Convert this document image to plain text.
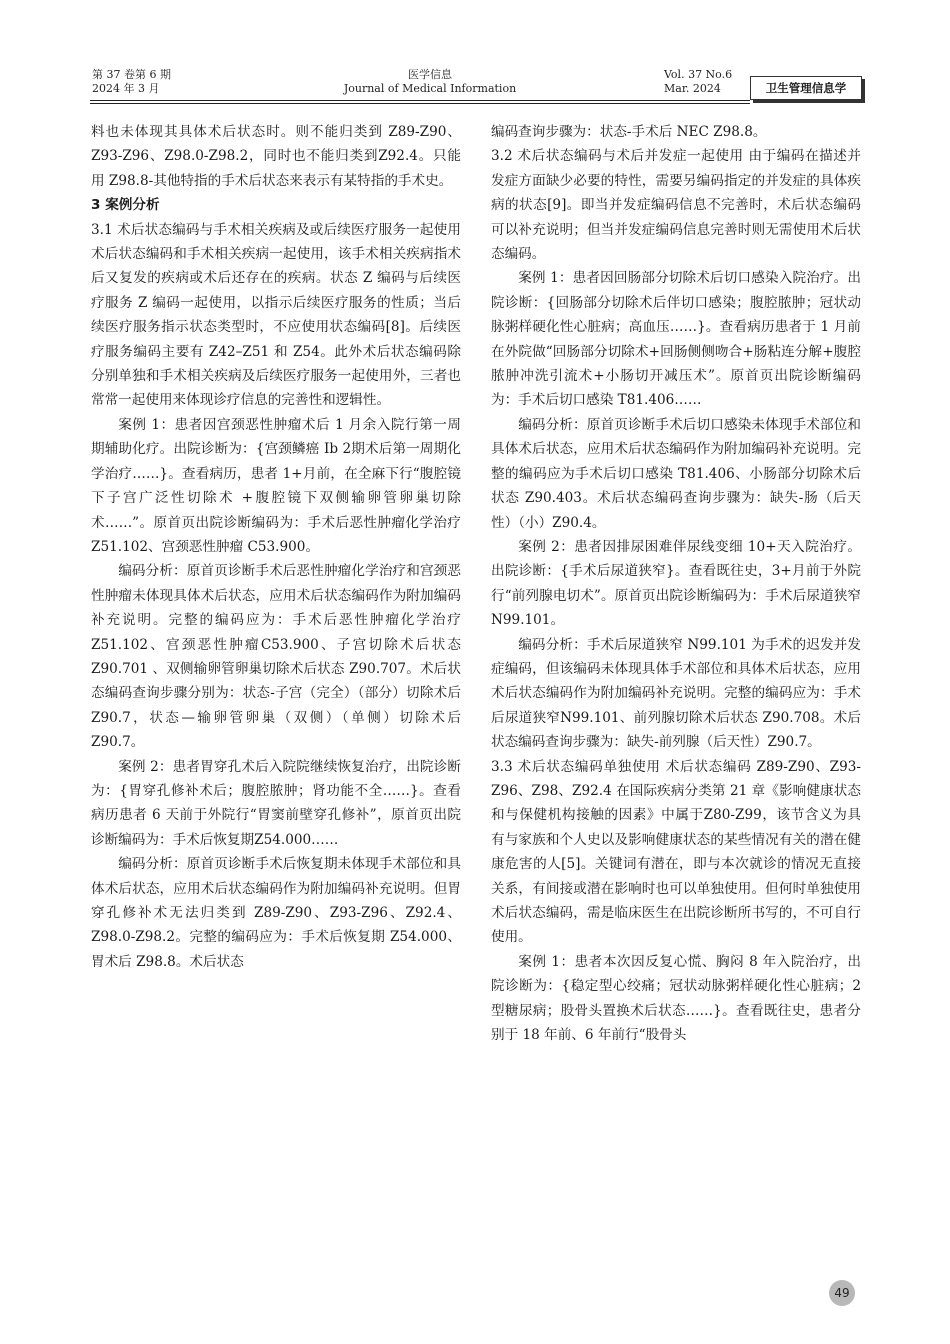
第 37 卷第 6 期
2024 年 3 月
医学信息
Journal of Medical Information
Vol. 37 No.6
Mar. 2024	卫生管理信息学

料也未体现其具体术后状态时。则不能归类到 Z89-Z90、Z93-Z96、Z98.0-Z98.2，同时也不能归类到Z92.4。只能用 Z98.8-其他特指的手术后状态来表示有某特指的手术史。

3 案例分析

3.1 术后状态编码与手术相关疾病及或后续医疗服务一起使用 术后状态编码和手术相关疾病一起使用，该手术相关疾病指术后又复发的疾病或术后还存在的疾病。状态 Z 编码与后续医疗服务 Z 编码一起使用，以指示后续医疗服务的性质；当后续医疗服务指示状态类型时，不应使用状态编码[8]。后续医疗服务编码主要有 Z42–Z51 和 Z54。此外术后状态编码除分别单独和手术相关疾病及后续医疗服务一起使用外，三者也常常一起使用来体现诊疗信息的完善性和逻辑性。

案例 1：患者因宫颈恶性肿瘤术后 1 月余入院行第一周期辅助化疗。出院诊断为：{宫颈鳞癌 Ib 2期术后第一周期化学治疗……}。查看病历，患者 1+月前，在全麻下行“腹腔镜下子宫广泛性切除术 +腹腔镜下双侧输卵管卵巢切除术……”。原首页出院诊断编码为：手术后恶性肿瘤化学治疗 Z51.102、宫颈恶性肿瘤 C53.900。

编码分析：原首页诊断手术后恶性肿瘤化学治疗和宫颈恶性肿瘤未体现具体术后状态，应用术后状态编码作为附加编码补充说明。完整的编码应为：手术后恶性肿瘤化学治疗 Z51.102、宫颈恶性肿瘤C53.900、子宫切除术后状态 Z90.701 、双侧输卵管卵巢切除术后状态 Z90.707。术后状态编码查询步骤分别为：状态-子宫（完全）（部分）切除术后Z90.7，状态—输卵管卵巢（双侧）（单侧）切除术后Z90.7。

案例 2：患者胃穿孔术后入院院继续恢复治疗，出院诊断为：{胃穿孔修补术后；腹腔脓肿；肾功能不全……}。查看病历患者 6 天前于外院行“胃窦前壁穿孔修补”，原首页出院诊断编码为：手术后恢复期Z54.000……

编码分析：原首页诊断手术后恢复期未体现手术部位和具体术后状态，应用术后状态编码作为附加编码补充说明。但胃穿孔修补术无法归类到 Z89-Z90、Z93-Z96、Z92.4、Z98.0-Z98.2。完整的编码应为：手术后恢复期 Z54.000、胃术后 Z98.8。术后状态

编码查询步骤为：状态-手术后 NEC Z98.8。

3.2 术后状态编码与术后并发症一起使用 由于编码在描述并发症方面缺少必要的特性，需要另编码指定的并发症的具体疾病的状态[9]。即当并发症编码信息不完善时，术后状态编码可以补充说明；但当并发症编码信息完善时则无需使用术后状态编码。

案例 1：患者因回肠部分切除术后切口感染入院治疗。出院诊断：{回肠部分切除术后伴切口感染；腹腔脓肿；冠状动脉粥样硬化性心脏病；高血压……}。查看病历患者于 1 月前在外院做“回肠部分切除术+回肠侧侧吻合+肠粘连分解+腹腔脓肿冲洗引流术+小肠切开减压术”。原首页出院诊断编码为：手术后切口感染 T81.406……

编码分析：原首页诊断手术后切口感染未体现手术部位和具体术后状态，应用术后状态编码作为附加编码补充说明。完整的编码应为手术后切口感染 T81.406、小肠部分切除术后状态 Z90.403。术后状态编码查询步骤为：缺失-肠（后天性）（小）Z90.4。

案例 2：患者因排尿困难伴尿线变细 10+天入院治疗。出院诊断：{手术后尿道狭窄}。查看既往史，3+月前于外院行“前列腺电切术”。原首页出院诊断编码为：手术后尿道狭窄 N99.101。

编码分析：手术后尿道狭窄 N99.101 为手术的迟发并发症编码，但该编码未体现具体手术部位和具体术后状态，应用术后状态编码作为附加编码补充说明。完整的编码应为：手术后尿道狭窄N99.101、前列腺切除术后状态 Z90.708。术后状态编码查询步骤为：缺失-前列腺（后天性）Z90.7。

3.3 术后状态编码单独使用 术后状态编码 Z89-Z90、Z93-Z96、Z98、Z92.4 在国际疾病分类第 21 章《影响健康状态和与保健机构接触的因素》中属于Z80-Z99，该节含义为具有与家族和个人史以及影响健康状态的某些情况有关的潜在健康危害的人[5]。关键词有潜在，即与本次就诊的情况无直接关系，有间接或潜在影响时也可以单独使用。但何时单独使用术后状态编码，需是临床医生在出院诊断所书写的，不可自行使用。

案例 1：患者本次因反复心慌、胸闷 8 年入院治疗，出院诊断为：{稳定型心绞痛；冠状动脉粥样硬化性心脏病；2 型糖尿病；股骨头置换术后状态……}。查看既往史，患者分别于 18 年前、6 年前行“股骨头

49
